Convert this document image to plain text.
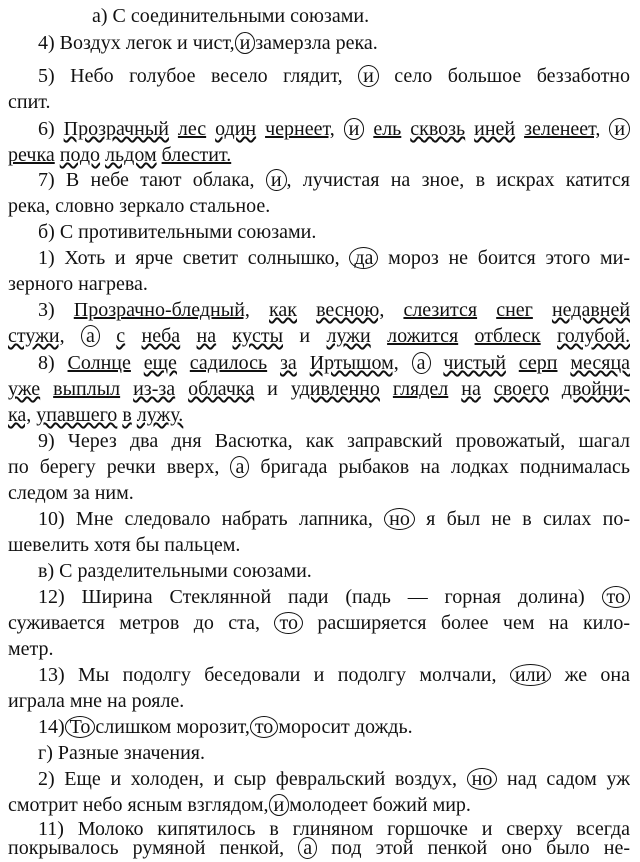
а) С соединительными союзами.
4) Воздух легок и чист, и замерзла река.
5) Небо голубое весело глядит, и село большое беззаботно
спит.
6) Прозрачный лес один чернеет, и ель сквозь иней зеленеет, и
речка подо льдом блестит.
7) В небе тают облака, и , лучистая на зное, в искрах катится
река, словно зеркало стальное.
б) С противительными союзами.
1) Хоть и ярче светит солнышко, да мороз не боится этого ми-
зерного нагрева.
3) Прозрачно-бледный, как весною, слезится снег недавней
стужи, а с неба на кусты и лужи ложится отблеск голубой.
8) Солнце еще садилось за Иртышом, а чистый серп месяца
уже выплыл из-за облачка и удивленно глядел на своего двойни-
ка, упавшего в лужу.
9) Через два дня Васютка, как заправский провожатый, шагал
по берегу речки вверх, а бригада рыбаков на лодках поднималась
следом за ним.
10) Мне следовало набрать лапника, но я был не в силах по-
шевелить хотя бы пальцем.
в) С разделительными союзами.
12) Ширина Стеклянной пади (падь — горная долина) то
суживается метров до ста, то расширяется более чем на кило-
метр.
13) Мы подолгу беседовали и подолгу молчали, или же она
играла мне на рояле.
14) То слишком морозит, то моросит дождь.
г) Разные значения.
2) Еще и холоден, и сыр февральский воздух, но над садом уж
смотрит небо ясным взглядом, и молодеет божий мир.
11) Молоко кипятилось в глиняном горшочке и сверху всегда
покрывалось румяной пенкой, а под этой пенкой оно было не-
